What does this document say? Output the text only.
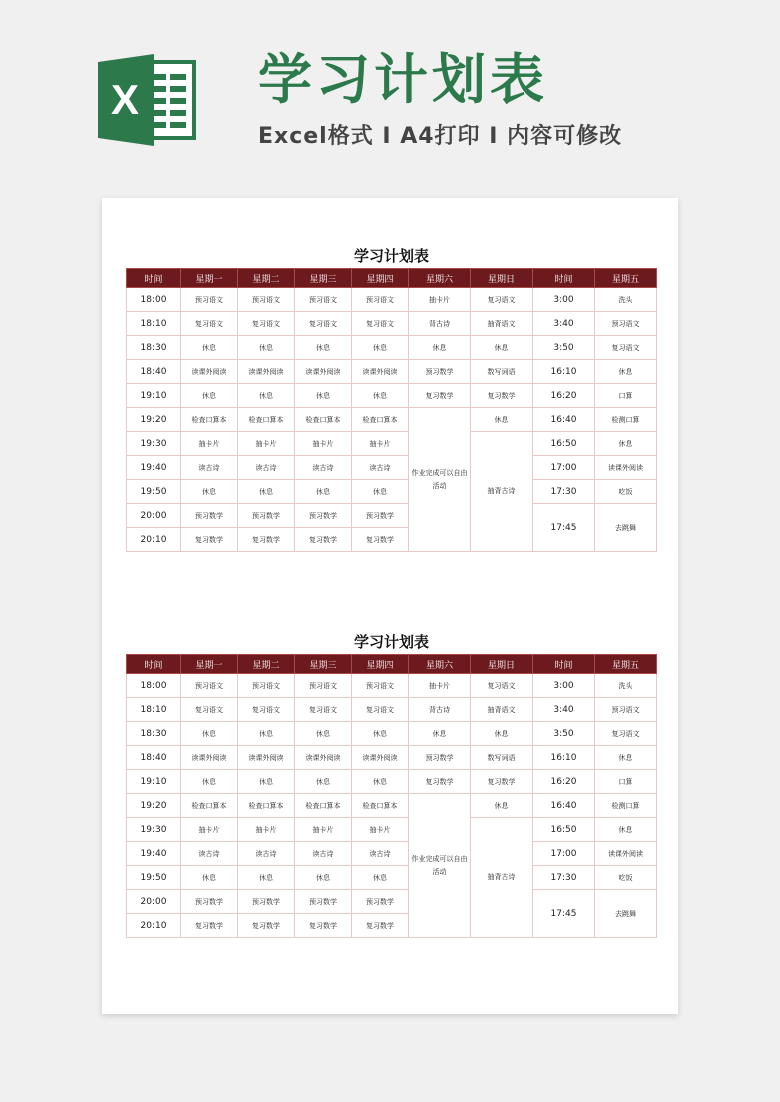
X 学习计划表
Excel格式 I A4打印 I 内容可修改
学习计划表
时间	星期一	星期二	星期三	星期四	星期六	星期日	时间	星期五
18:00	预习语文	预习语文	预习语文	预习语文	抽卡片	复习语文	3:00	洗头
18:10	复习语文	复习语文	复习语文	复习语文	背古诗	抽背语文	3:40	预习语文
18:30	休息	休息	休息	休息	休息	休息	3:50	复习语文
18:40	读课外阅读	读课外阅读	读课外阅读	读课外阅读	预习数学	数写词语	16:10	休息
19:10	休息	休息	休息	休息	复习数学	复习数学	16:20	口算
19:20	检查口算本	检查口算本	检查口算本	检查口算本	作业完成可以自由活动	休息	16:40	检测口算
19:30	抽卡片	抽卡片	抽卡片	抽卡片		抽背古诗	16:50	休息
19:40	读古诗	读古诗	读古诗	读古诗			17:00	读课外阅读
19:50	休息	休息	休息	休息			17:30	吃饭
20:00	预习数学	预习数学	预习数学	预习数学			17:45	去跳舞
20:10	复习数学	复习数学	复习数学	复习数学				
学习计划表
时间	星期一	星期二	星期三	星期四	星期六	星期日	时间	星期五
18:00	预习语文	预习语文	预习语文	预习语文	抽卡片	复习语文	3:00	洗头
18:10	复习语文	复习语文	复习语文	复习语文	背古诗	抽背语文	3:40	预习语文
18:30	休息	休息	休息	休息	休息	休息	3:50	复习语文
18:40	读课外阅读	读课外阅读	读课外阅读	读课外阅读	预习数学	数写词语	16:10	休息
19:10	休息	休息	休息	休息	复习数学	复习数学	16:20	口算
19:20	检查口算本	检查口算本	检查口算本	检查口算本	作业完成可以自由活动	休息	16:40	检测口算
19:30	抽卡片	抽卡片	抽卡片	抽卡片		抽背古诗	16:50	休息
19:40	读古诗	读古诗	读古诗	读古诗			17:00	读课外阅读
19:50	休息	休息	休息	休息			17:30	吃饭
20:00	预习数学	预习数学	预习数学	预习数学			17:45	去跳舞
20:10	复习数学	复习数学	复习数学	复习数学				
